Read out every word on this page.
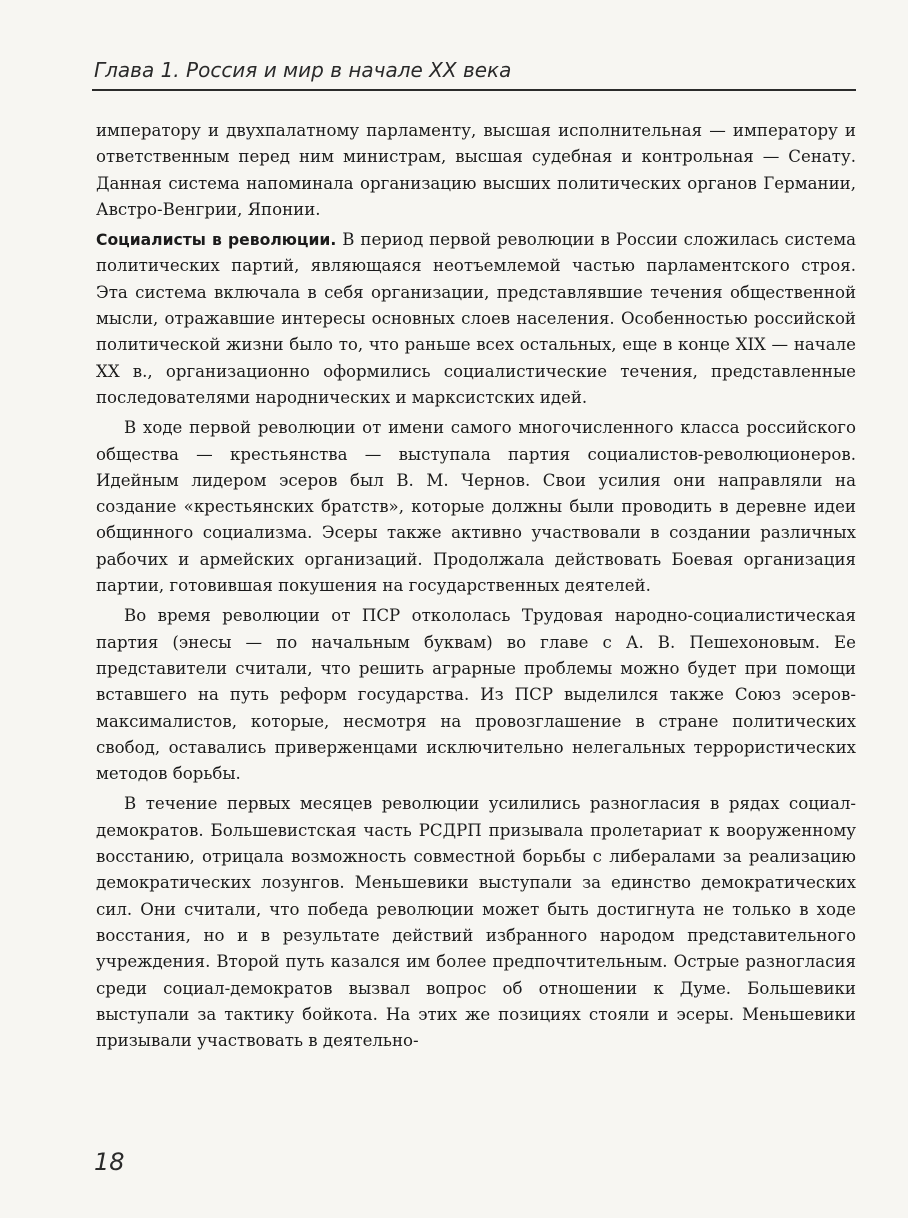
Глава 1. Россия и мир в начале XX века

императору и двухпалатному парламенту, высшая исполнительная — императору и ответственным перед ним министрам, высшая судебная и контрольная — Сенату. Данная система напоминала организацию высших политических органов Германии, Австро-Венгрии, Японии.

Социалисты в революции. В период первой революции в России сложилась система политических партий, являющаяся неотъемлемой частью парламентского строя. Эта система включала в себя организации, представлявшие течения общественной мысли, отражавшие интересы основных слоев населения. Особенностью российской политической жизни было то, что раньше всех остальных, еще в конце XIX — начале XX в., организационно оформились социалистические течения, представленные последователями народнических и марксистских идей.

В ходе первой революции от имени самого многочисленного класса российского общества — крестьянства — выступала партия социалистов-революционеров. Идейным лидером эсеров был В. М. Чернов. Свои усилия они направляли на создание «крестьянских братств», которые должны были проводить в деревне идеи общинного социализма. Эсеры также активно участвовали в создании различных рабочих и армейских организаций. Продолжала действовать Боевая организация партии, готовившая покушения на государственных деятелей.

Во время революции от ПСР откололась Трудовая народно-социалистическая партия (энесы — по начальным буквам) во главе с А. В. Пешехоновым. Ее представители считали, что решить аграрные проблемы можно будет при помощи вставшего на путь реформ государства. Из ПСР выделился также Союз эсеров-максималистов, которые, несмотря на провозглашение в стране политических свобод, оставались приверженцами исключительно нелегальных террористических методов борьбы.

В течение первых месяцев революции усилились разногласия в рядах социал-демократов. Большевистская часть РСДРП призывала пролетариат к вооруженному восстанию, отрицала возможность совместной борьбы с либералами за реализацию демократических лозунгов. Меньшевики выступали за единство демократических сил. Они считали, что победа революции может быть достигнута не только в ходе восстания, но и в результате действий избранного народом представительного учреждения. Второй путь казался им более предпочтительным. Острые разногласия среди социал-демократов вызвал вопрос об отношении к Думе. Большевики выступали за тактику бойкота. На этих же позициях стояли и эсеры. Меньшевики призывали участвовать в деятельно-

18
